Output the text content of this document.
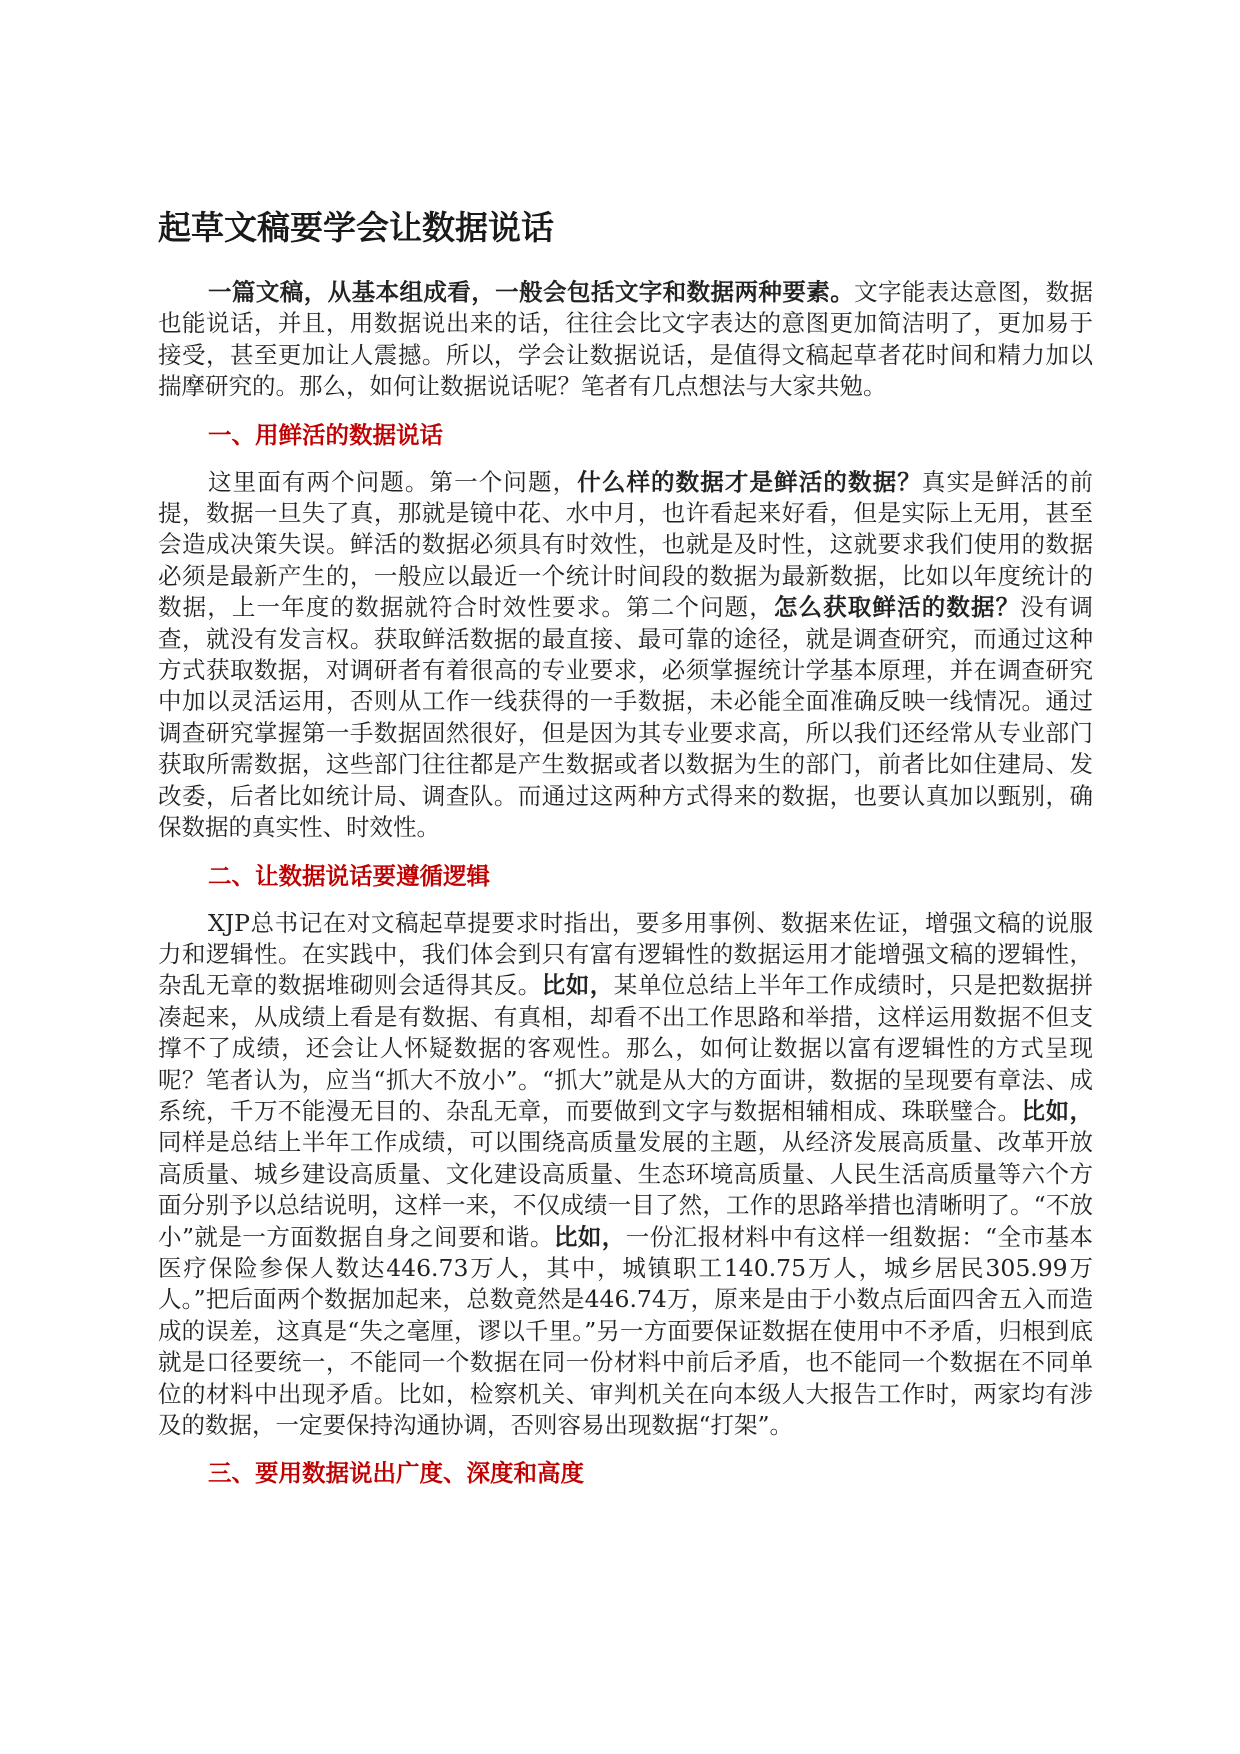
起草文稿要学会让数据说话

一篇文稿，从基本组成看，一般会包括文字和数据两种要素。文字能表达意图，数据也能说话，并且，用数据说出来的话，往往会比文字表达的意图更加简洁明了，更加易于接受，甚至更加让人震撼。所以，学会让数据说话，是值得文稿起草者花时间和精力加以揣摩研究的。那么，如何让数据说话呢？笔者有几点想法与大家共勉。

一、用鲜活的数据说话

这里面有两个问题。第一个问题，什么样的数据才是鲜活的数据？真实是鲜活的前提，数据一旦失了真，那就是镜中花、水中月，也许看起来好看，但是实际上无用，甚至会造成决策失误。鲜活的数据必须具有时效性，也就是及时性，这就要求我们使用的数据必须是最新产生的，一般应以最近一个统计时间段的数据为最新数据，比如以年度统计的数据，上一年度的数据就符合时效性要求。第二个问题，怎么获取鲜活的数据？没有调查，就没有发言权。获取鲜活数据的最直接、最可靠的途径，就是调查研究，而通过这种方式获取数据，对调研者有着很高的专业要求，必须掌握统计学基本原理，并在调查研究中加以灵活运用，否则从工作一线获得的一手数据，未必能全面准确反映一线情况。通过调查研究掌握第一手数据固然很好，但是因为其专业要求高，所以我们还经常从专业部门获取所需数据，这些部门往往都是产生数据或者以数据为生的部门，前者比如住建局、发改委，后者比如统计局、调查队。而通过这两种方式得来的数据，也要认真加以甄别，确保数据的真实性、时效性。

二、让数据说话要遵循逻辑

XJP总书记在对文稿起草提要求时指出，要多用事例、数据来佐证，增强文稿的说服力和逻辑性。在实践中，我们体会到只有富有逻辑性的数据运用才能增强文稿的逻辑性，杂乱无章的数据堆砌则会适得其反。比如，某单位总结上半年工作成绩时，只是把数据拼凑起来，从成绩上看是有数据、有真相，却看不出工作思路和举措，这样运用数据不但支撑不了成绩，还会让人怀疑数据的客观性。那么，如何让数据以富有逻辑性的方式呈现呢？笔者认为，应当“抓大不放小”。“抓大”就是从大的方面讲，数据的呈现要有章法、成系统，千万不能漫无目的、杂乱无章，而要做到文字与数据相辅相成、珠联璧合。比如，同样是总结上半年工作成绩，可以围绕高质量发展的主题，从经济发展高质量、改革开放高质量、城乡建设高质量、文化建设高质量、生态环境高质量、人民生活高质量等六个方面分别予以总结说明，这样一来，不仅成绩一目了然，工作的思路举措也清晰明了。“不放小”就是一方面数据自身之间要和谐。比如，一份汇报材料中有这样一组数据：“全市基本医疗保险参保人数达446.73万人，其中，城镇职工140.75万人，城乡居民305.99万人。”把后面两个数据加起来，总数竟然是446.74万，原来是由于小数点后面四舍五入而造成的误差，这真是“失之毫厘，谬以千里。”另一方面要保证数据在使用中不矛盾，归根到底就是口径要统一，不能同一个数据在同一份材料中前后矛盾，也不能同一个数据在不同单位的材料中出现矛盾。比如，检察机关、审判机关在向本级人大报告工作时，两家均有涉及的数据，一定要保持沟通协调，否则容易出现数据“打架”。

三、要用数据说出广度、深度和高度
